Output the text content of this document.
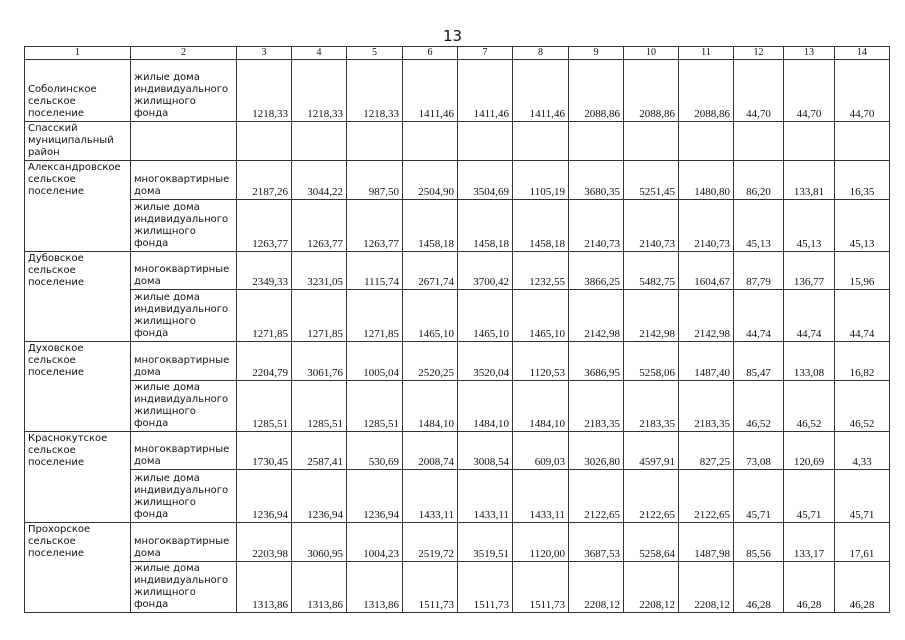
13
1	2	3	4	5	6	7	8	9	10	11	12	13	14
Соболинское сельское поселение	жилые дома индивидуального жилищного фонда	1218,33	1218,33	1218,33	1411,46	1411,46	1411,46	2088,86	2088,86	2088,86	44,70	44,70	44,70
Спасский муниципальный район													
Александровское сельское поселение	многоквартирные дома	2187,26	3044,22	987,50	2504,90	3504,69	1105,19	3680,35	5251,45	1480,80	86,20	133,81	16,35
	жилые дома индивидуального жилищного фонда	1263,77	1263,77	1263,77	1458,18	1458,18	1458,18	2140,73	2140,73	2140,73	45,13	45,13	45,13
Дубовское сельское поселение	многоквартирные дома	2349,33	3231,05	1115,74	2671,74	3700,42	1232,55	3866,25	5482,75	1604,67	87,79	136,77	15,96
	жилые дома индивидуального жилищного фонда	1271,85	1271,85	1271,85	1465,10	1465,10	1465,10	2142,98	2142,98	2142,98	44,74	44,74	44,74
Духовское сельское поселение	многоквартирные дома	2204,79	3061,76	1005,04	2520,25	3520,04	1120,53	3686,95	5258,06	1487,40	85,47	133,08	16,82
	жилые дома индивидуального жилищного фонда	1285,51	1285,51	1285,51	1484,10	1484,10	1484,10	2183,35	2183,35	2183,35	46,52	46,52	46,52
Краснокутское сельское поселение	многоквартирные дома	1730,45	2587,41	530,69	2008,74	3008,54	609,03	3026,80	4597,91	827,25	73,08	120,69	4,33
	жилые дома индивидуального жилищного фонда	1236,94	1236,94	1236,94	1433,11	1433,11	1433,11	2122,65	2122,65	2122,65	45,71	45,71	45,71
Прохорское сельское поселение	многоквартирные дома	2203,98	3060,95	1004,23	2519,72	3519,51	1120,00	3687,53	5258,64	1487,98	85,56	133,17	17,61
	жилые дома индивидуального жилищного фонда	1313,86	1313,86	1313,86	1511,73	1511,73	1511,73	2208,12	2208,12	2208,12	46,28	46,28	46,28
